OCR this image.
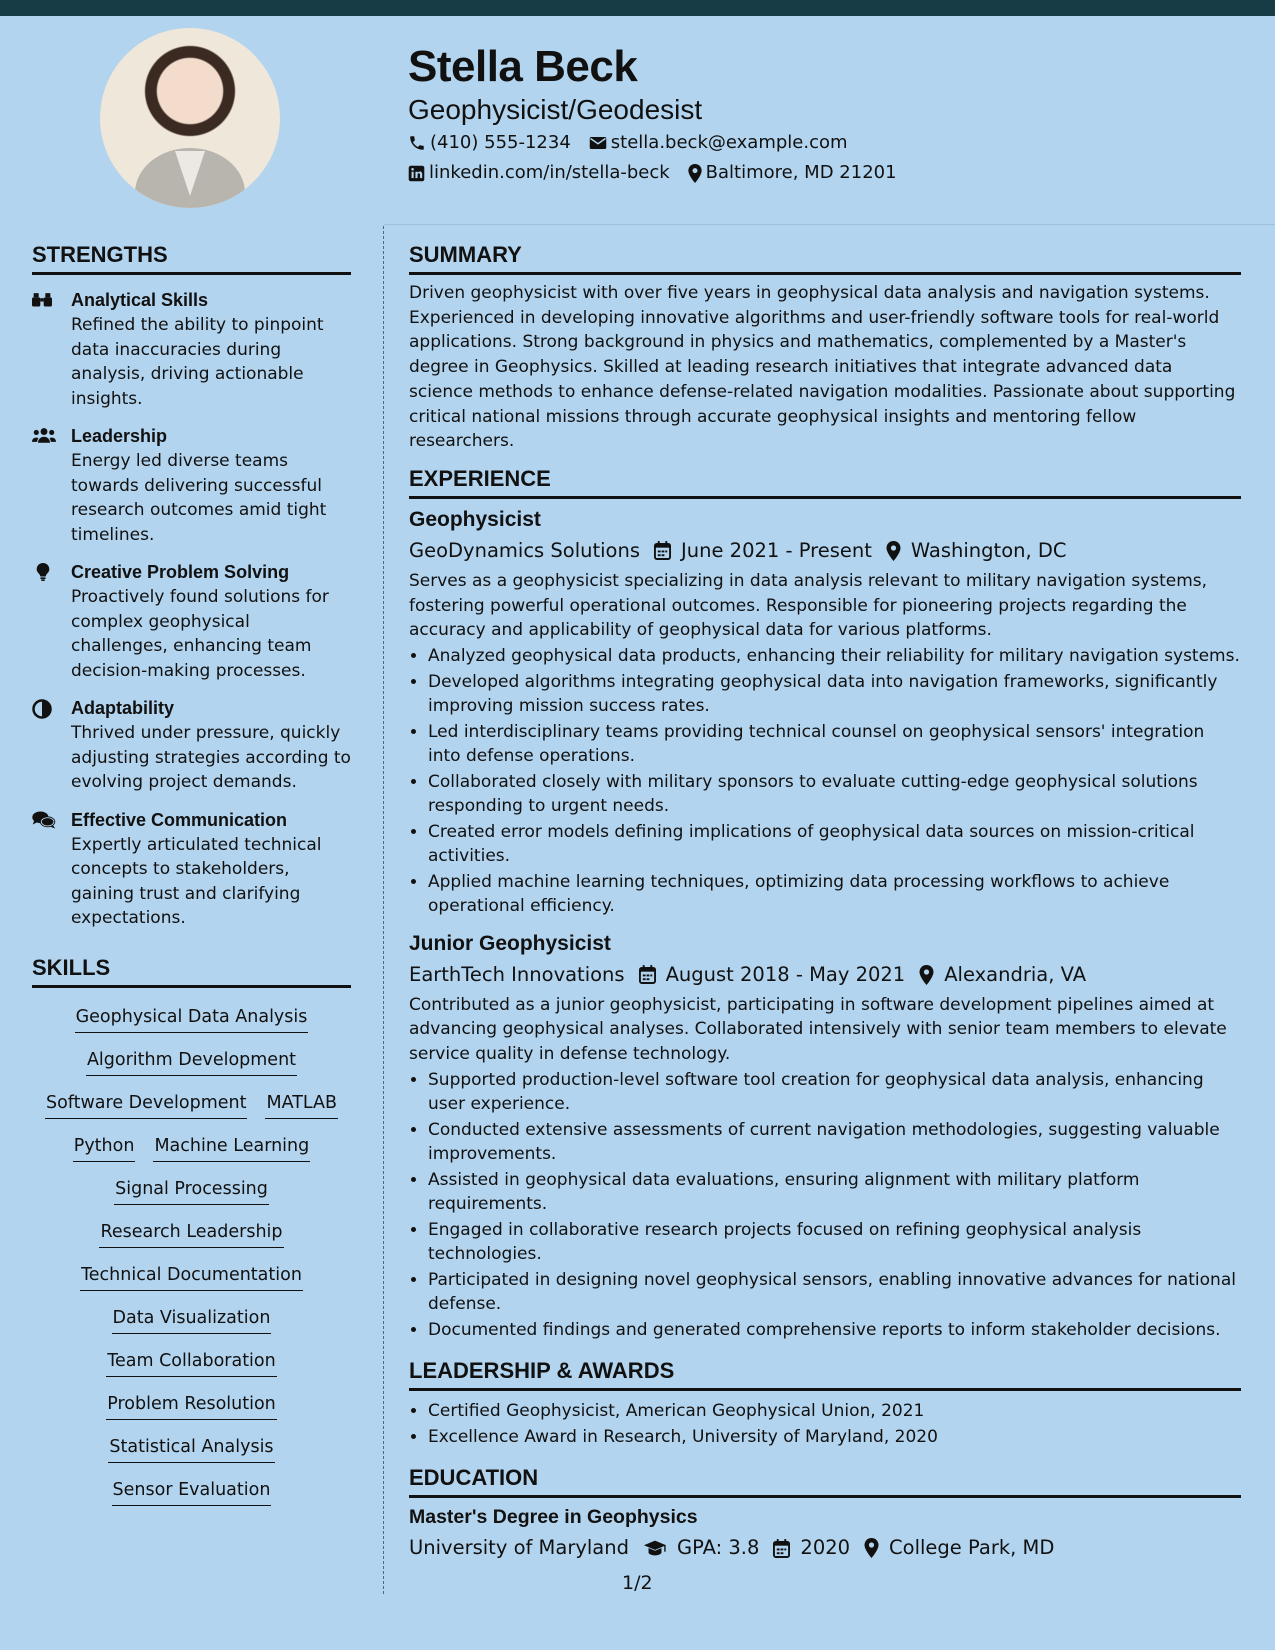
Stella Beck
Geophysicist/Geodesist
(410) 555-1234 stella.beck@example.com
linkedin.com/in/stella-beck Baltimore, MD 21201
STRENGTHS
Analytical Skills
Refined the ability to pinpoint data inaccuracies during analysis, driving actionable insights.
Leadership
Energy led diverse teams towards delivering successful research outcomes amid tight timelines.
Creative Problem Solving
Proactively found solutions for complex geophysical challenges, enhancing team decision-making processes.
Adaptability
Thrived under pressure, quickly adjusting strategies according to evolving project demands.
Effective Communication
Expertly articulated technical concepts to stakeholders, gaining trust and clarifying expectations.
SKILLS
Geophysical Data Analysis
Algorithm Development
Software Development MATLAB
Python Machine Learning
Signal Processing
Research Leadership
Technical Documentation
Data Visualization
Team Collaboration
Problem Resolution
Statistical Analysis
Sensor Evaluation
SUMMARY

Driven geophysicist with over five years in geophysical data analysis and navigation systems. Experienced in developing innovative algorithms and user-friendly software tools for real-world applications. Strong background in physics and mathematics, complemented by a Master's degree in Geophysics. Skilled at leading research initiatives that integrate advanced data science methods to enhance defense-related navigation modalities. Passionate about supporting critical national missions through accurate geophysical insights and mentoring fellow researchers.

EXPERIENCE
Geophysicist
GeoDynamics Solutions June 2021 - Present Washington, DC

Serves as a geophysicist specializing in data analysis relevant to military navigation systems, fostering powerful operational outcomes. Responsible for pioneering projects regarding the accuracy and applicability of geophysical data for various platforms.

• Analyzed geophysical data products, enhancing their reliability for military navigation systems.
• Developed algorithms integrating geophysical data into navigation frameworks, significantly improving mission success rates.
• Led interdisciplinary teams providing technical counsel on geophysical sensors' integration into defense operations.
• Collaborated closely with military sponsors to evaluate cutting-edge geophysical solutions responding to urgent needs.
• Created error models defining implications of geophysical data sources on mission-critical activities.
• Applied machine learning techniques, optimizing data processing workflows to achieve operational efficiency.
Junior Geophysicist
EarthTech Innovations August 2018 - May 2021 Alexandria, VA

Contributed as a junior geophysicist, participating in software development pipelines aimed at advancing geophysical analyses. Collaborated intensively with senior team members to elevate service quality in defense technology.

• Supported production-level software tool creation for geophysical data analysis, enhancing user experience.
• Conducted extensive assessments of current navigation methodologies, suggesting valuable improvements.
• Assisted in geophysical data evaluations, ensuring alignment with military platform requirements.
• Engaged in collaborative research projects focused on refining geophysical analysis technologies.
• Participated in designing novel geophysical sensors, enabling innovative advances for national defense.
• Documented findings and generated comprehensive reports to inform stakeholder decisions.
LEADERSHIP & AWARDS
• Certified Geophysicist, American Geophysical Union, 2021
• Excellence Award in Research, University of Maryland, 2020
EDUCATION
Master's Degree in Geophysics
University of Maryland GPA: 3.8 2020 College Park, MD
1/2
